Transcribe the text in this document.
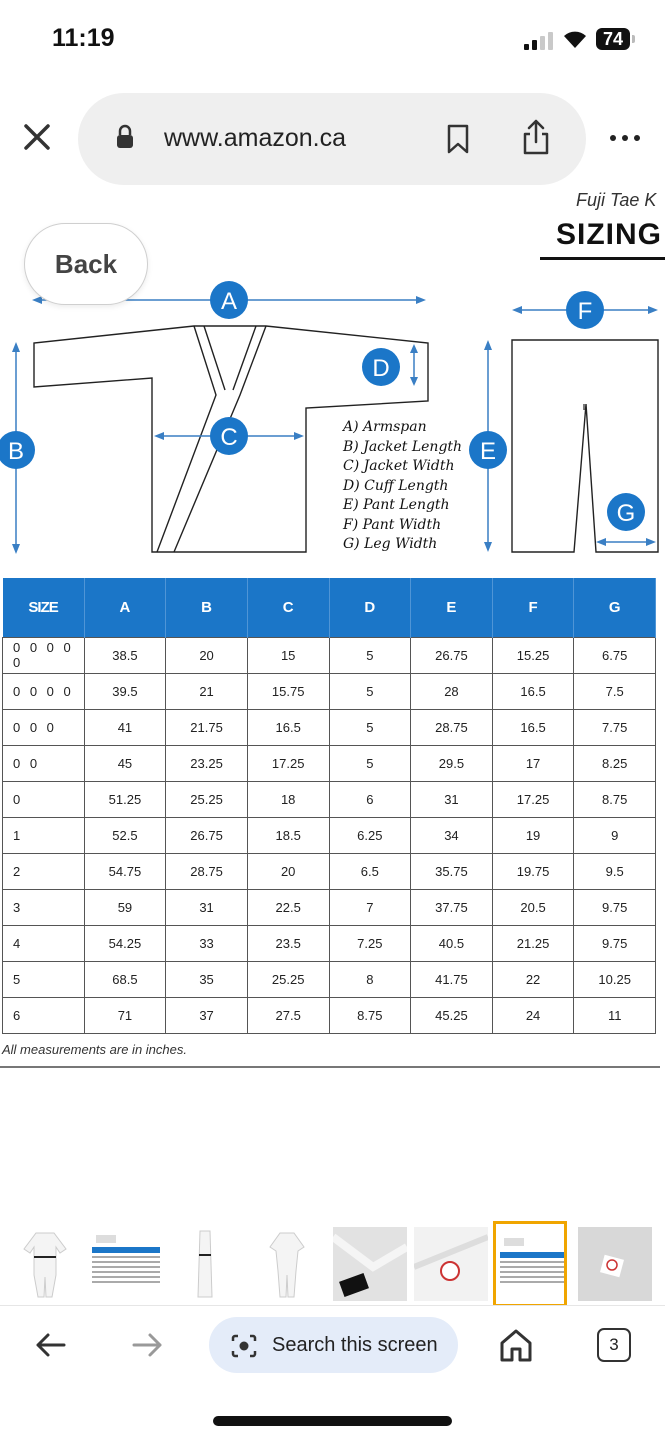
11:19	74
www.amazon.ca
Fuji Tae K
SIZING
A
B
C
D
E
F
G
A) Armspan
B) Jacket Length
C) Jacket Width
D) Cuff Length
E) Pant Length
F) Pant Width
G) Leg Width
Back
SIZE	A	B	C	D	E	F	G
0 0 0 0 0	38.5	20	15	5	26.75	15.25	6.75
0 0 0 0	39.5	21	15.75	5	28	16.5	7.5
0 0 0	41	21.75	16.5	5	28.75	16.5	7.75
0 0	45	23.25	17.25	5	29.5	17	8.25
0	51.25	25.25	18	6	31	17.25	8.75
1	52.5	26.75	18.5	6.25	34	19	9
2	54.75	28.75	20	6.5	35.75	19.75	9.5
3	59	31	22.5	7	37.75	20.5	9.75
4	54.25	33	23.5	7.25	40.5	21.25	9.75
5	68.5	35	25.25	8	41.75	22	10.25
6	71	37	27.5	8.75	45.25	24	11
All measurements are in inches.
Search this screen	3
